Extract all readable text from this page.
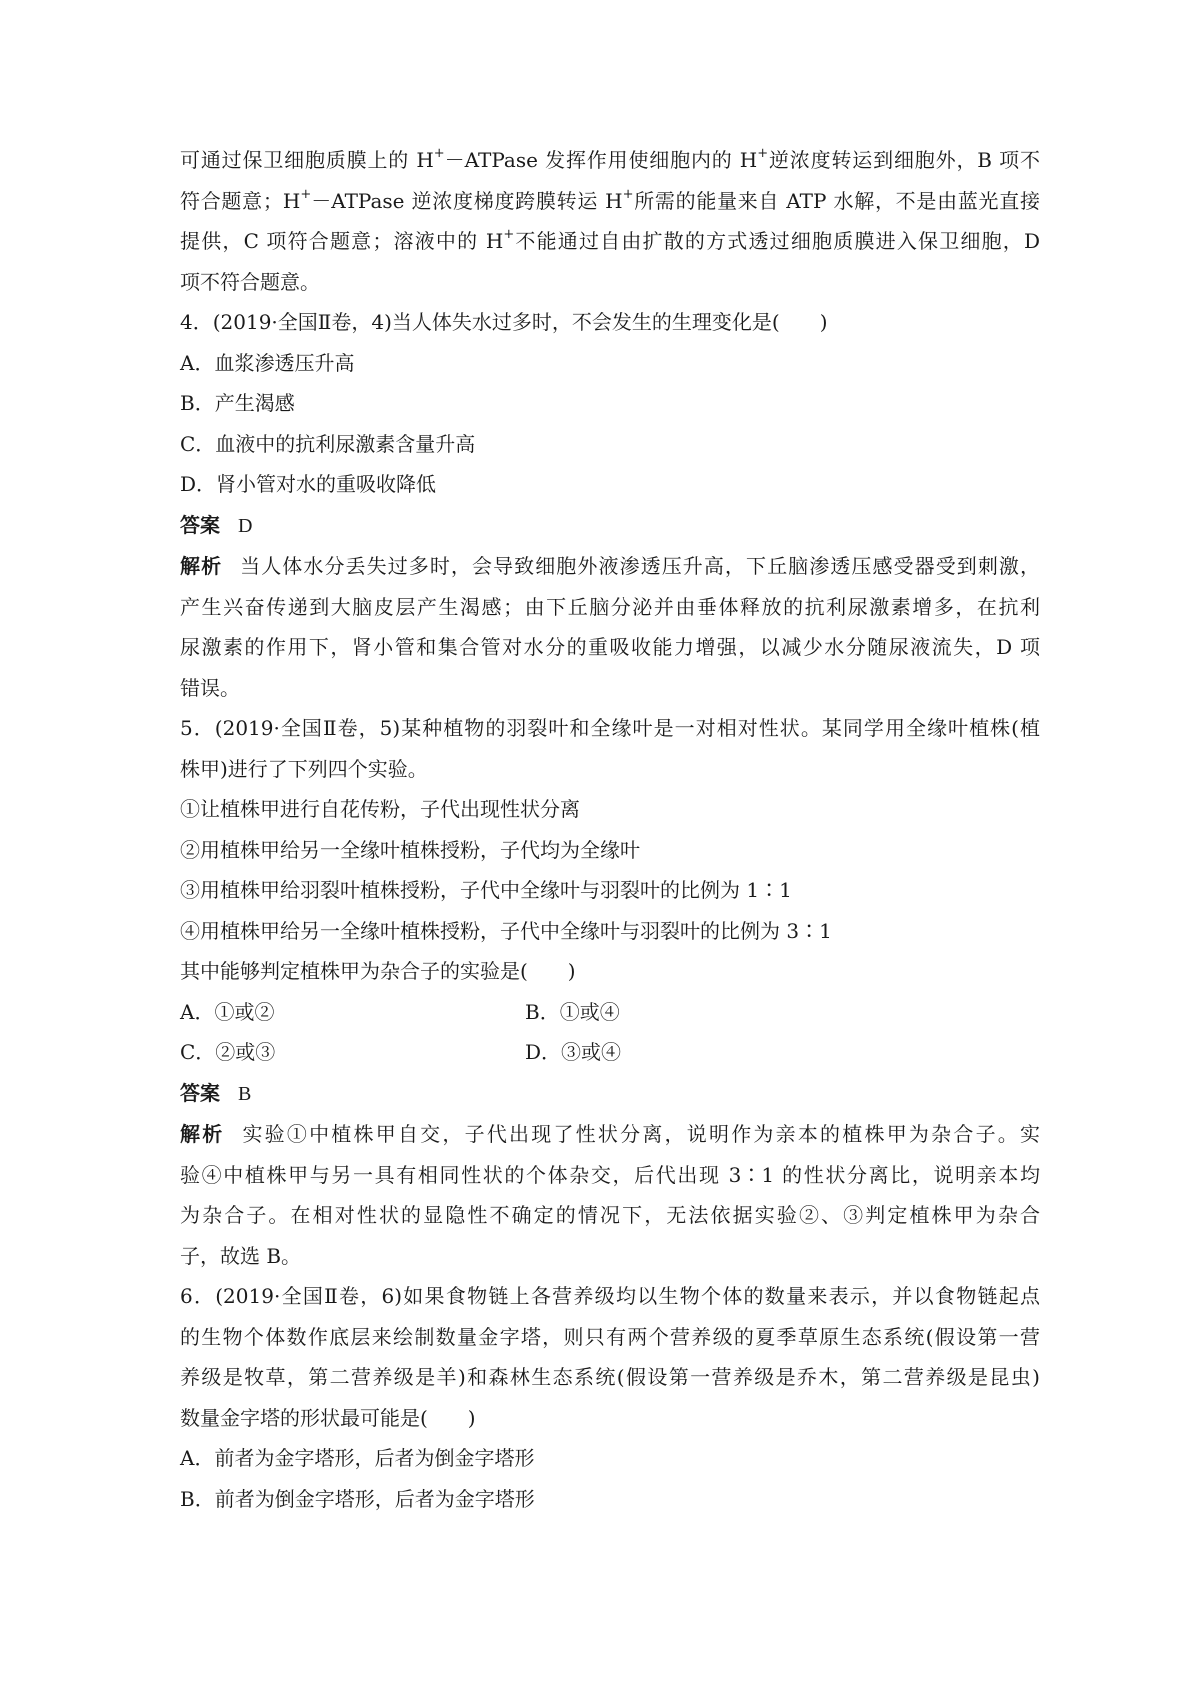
可通过保卫细胞质膜上的 H+－ATPase 发挥作用使细胞内的 H+逆浓度转运到细胞外，B 项不

符合题意；H+－ATPase 逆浓度梯度跨膜转运 H+所需的能量来自 ATP 水解，不是由蓝光直接

提供，C 项符合题意；溶液中的 H+不能通过自由扩散的方式透过细胞质膜进入保卫细胞，D

项不符合题意。

4．(2019·全国Ⅱ卷，4)当人体失水过多时，不会发生的生理变化是(　　)

A．血浆渗透压升高

B．产生渴感

C．血液中的抗利尿激素含量升高

D．肾小管对水的重吸收降低

答案 D

解析 当人体水分丢失过多时，会导致细胞外液渗透压升高，下丘脑渗透压感受器受到刺激，

产生兴奋传递到大脑皮层产生渴感；由下丘脑分泌并由垂体释放的抗利尿激素增多，在抗利

尿激素的作用下，肾小管和集合管对水分的重吸收能力增强，以减少水分随尿液流失，D 项

错误。

5．(2019·全国Ⅱ卷，5)某种植物的羽裂叶和全缘叶是一对相对性状。某同学用全缘叶植株(植

株甲)进行了下列四个实验。

①让植株甲进行自花传粉，子代出现性状分离

②用植株甲给另一全缘叶植株授粉，子代均为全缘叶

③用植株甲给羽裂叶植株授粉，子代中全缘叶与羽裂叶的比例为 1∶1

④用植株甲给另一全缘叶植株授粉，子代中全缘叶与羽裂叶的比例为 3∶1

其中能够判定植株甲为杂合子的实验是(　　)

A．①或②	B．①或④
C．②或③	D．③或④

答案 B

解析 实验①中植株甲自交，子代出现了性状分离，说明作为亲本的植株甲为杂合子。实

验④中植株甲与另一具有相同性状的个体杂交，后代出现 3∶1 的性状分离比，说明亲本均

为杂合子。在相对性状的显隐性不确定的情况下，无法依据实验②、③判定植株甲为杂合

子，故选 B。

6．(2019·全国Ⅱ卷，6)如果食物链上各营养级均以生物个体的数量来表示，并以食物链起点

的生物个体数作底层来绘制数量金字塔，则只有两个营养级的夏季草原生态系统(假设第一营

养级是牧草，第二营养级是羊)和森林生态系统(假设第一营养级是乔木，第二营养级是昆虫)

数量金字塔的形状最可能是(　　)

A．前者为金字塔形，后者为倒金字塔形

B．前者为倒金字塔形，后者为金字塔形
